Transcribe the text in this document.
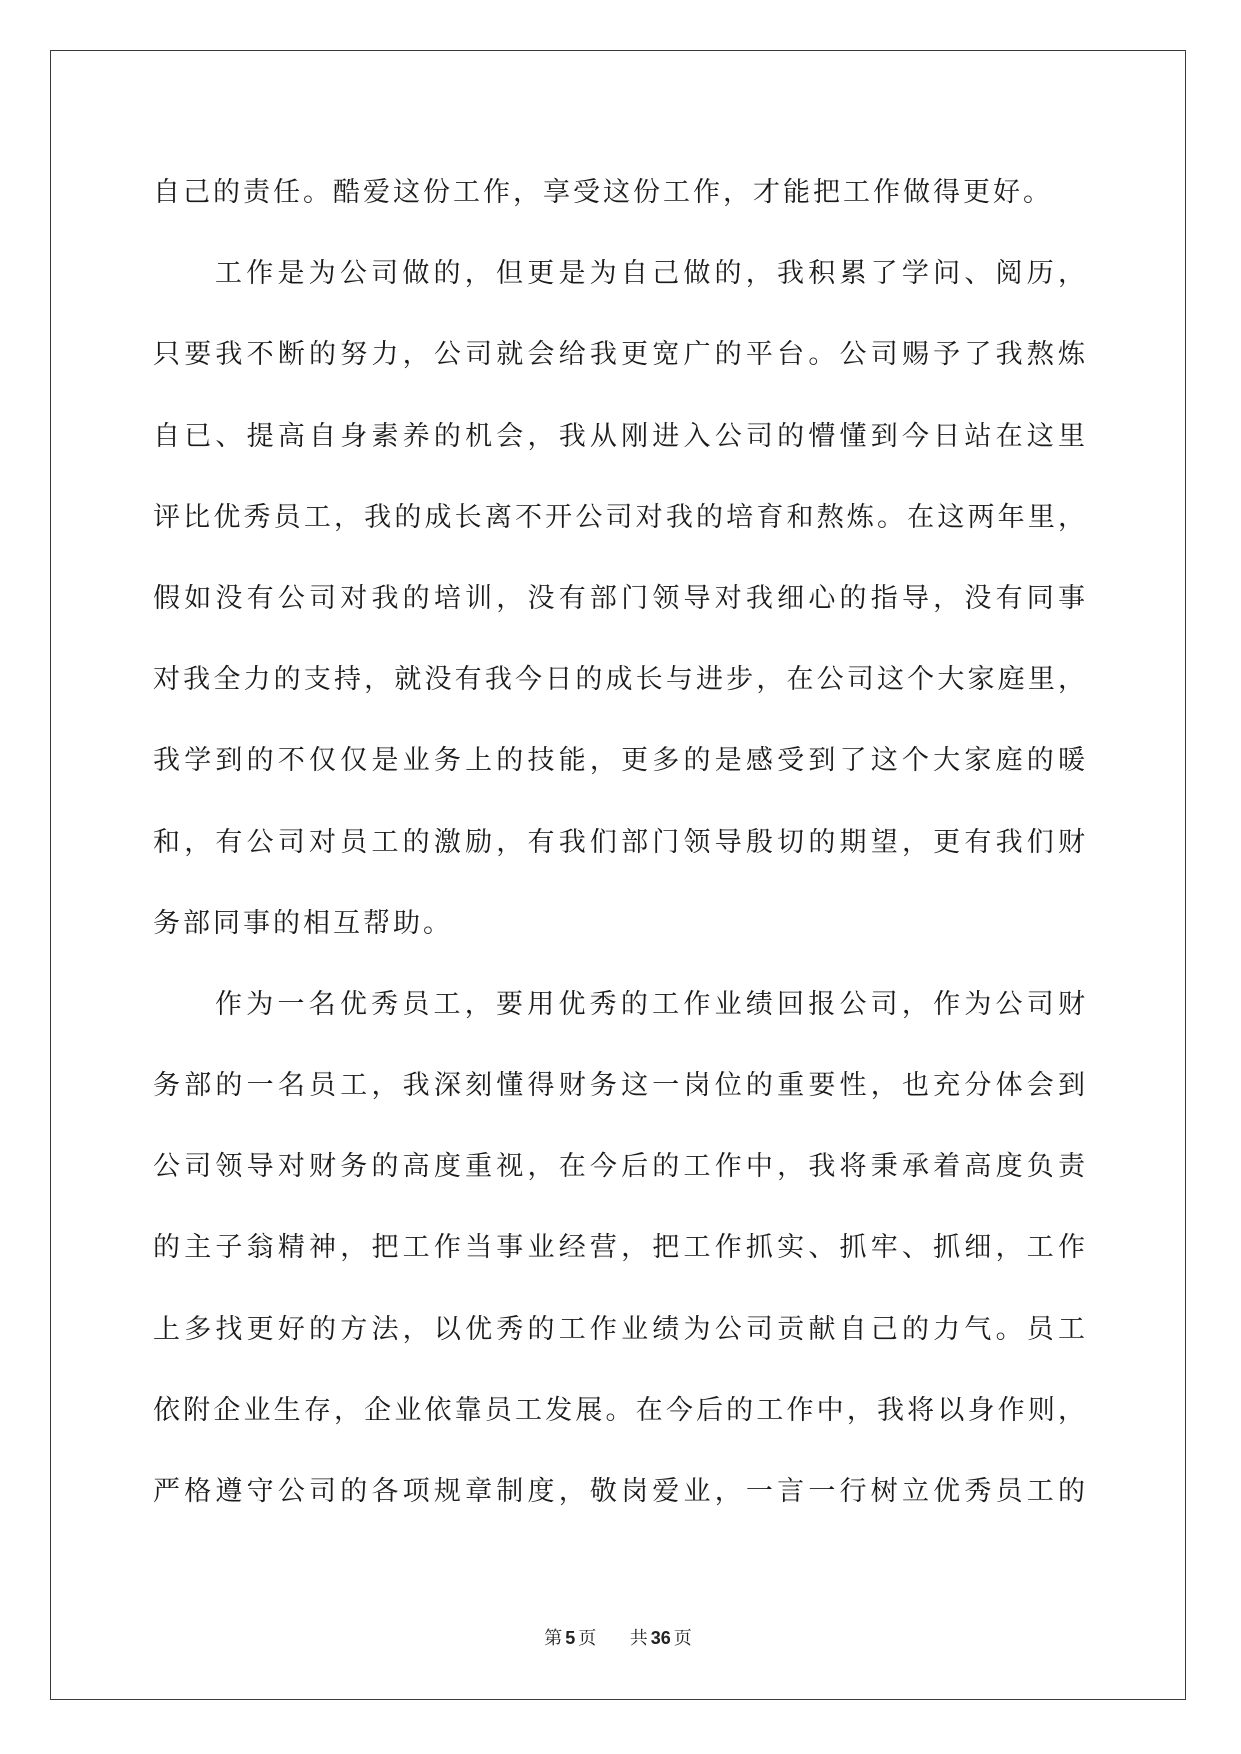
自己的责任。酷爱这份工作，享受这份工作，才能把工作做得更好。
工作是为公司做的，但更是为自己做的，我积累了学问、阅历，
只要我不断的努力，公司就会给我更宽广的平台。公司赐予了我熬炼
自已、提高自身素养的机会，我从刚进入公司的懵懂到今日站在这里
评比优秀员工，我的成长离不开公司对我的培育和熬炼。在这两年里，
假如没有公司对我的培训，没有部门领导对我细心的指导，没有同事
对我全力的支持，就没有我今日的成长与进步，在公司这个大家庭里，
我学到的不仅仅是业务上的技能，更多的是感受到了这个大家庭的暖
和，有公司对员工的激励，有我们部门领导殷切的期望，更有我们财
务部同事的相互帮助。
作为一名优秀员工，要用优秀的工作业绩回报公司，作为公司财
务部的一名员工，我深刻懂得财务这一岗位的重要性，也充分体会到
公司领导对财务的高度重视，在今后的工作中，我将秉承着高度负责
的主子翁精神，把工作当事业经营，把工作抓实、抓牢、抓细，工作
上多找更好的方法，以优秀的工作业绩为公司贡献自己的力气。员工
依附企业生存，企业依靠员工发展。在今后的工作中，我将以身作则，
严格遵守公司的各项规章制度，敬岗爱业，一言一行树立优秀员工的
第 5 页 共 36 页
